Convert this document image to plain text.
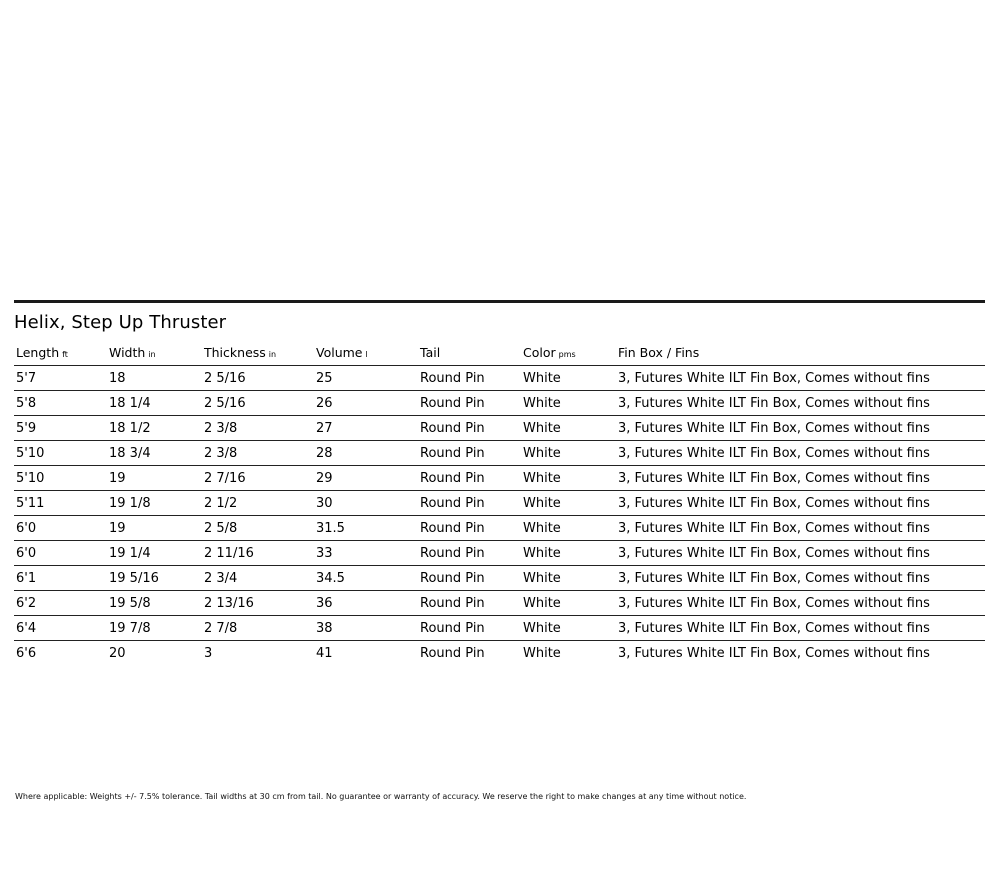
Helix, Step Up Thruster
Length ft	Width in	Thickness in	Volume l	Tail	Color pms	Fin Box / Fins
5'7	18	2 5/16	25	Round Pin	White	3, Futures White ILT Fin Box, Comes without fins
5'8	18 1/4	2 5/16	26	Round Pin	White	3, Futures White ILT Fin Box, Comes without fins
5'9	18 1/2	2 3/8	27	Round Pin	White	3, Futures White ILT Fin Box, Comes without fins
5'10	18 3/4	2 3/8	28	Round Pin	White	3, Futures White ILT Fin Box, Comes without fins
5'10	19	2 7/16	29	Round Pin	White	3, Futures White ILT Fin Box, Comes without fins
5'11	19 1/8	2 1/2	30	Round Pin	White	3, Futures White ILT Fin Box, Comes without fins
6'0	19	2 5/8	31.5	Round Pin	White	3, Futures White ILT Fin Box, Comes without fins
6'0	19 1/4	2 11/16	33	Round Pin	White	3, Futures White ILT Fin Box, Comes without fins
6'1	19 5/16	2 3/4	34.5	Round Pin	White	3, Futures White ILT Fin Box, Comes without fins
6'2	19 5/8	2 13/16	36	Round Pin	White	3, Futures White ILT Fin Box, Comes without fins
6'4	19 7/8	2 7/8	38	Round Pin	White	3, Futures White ILT Fin Box, Comes without fins
6'6	20	3	41	Round Pin	White	3, Futures White ILT Fin Box, Comes without fins
Where applicable: Weights +/- 7.5% tolerance. Tail widths at 30 cm from tail. No guarantee or warranty of accuracy. We reserve the right to make changes at any time without notice.
